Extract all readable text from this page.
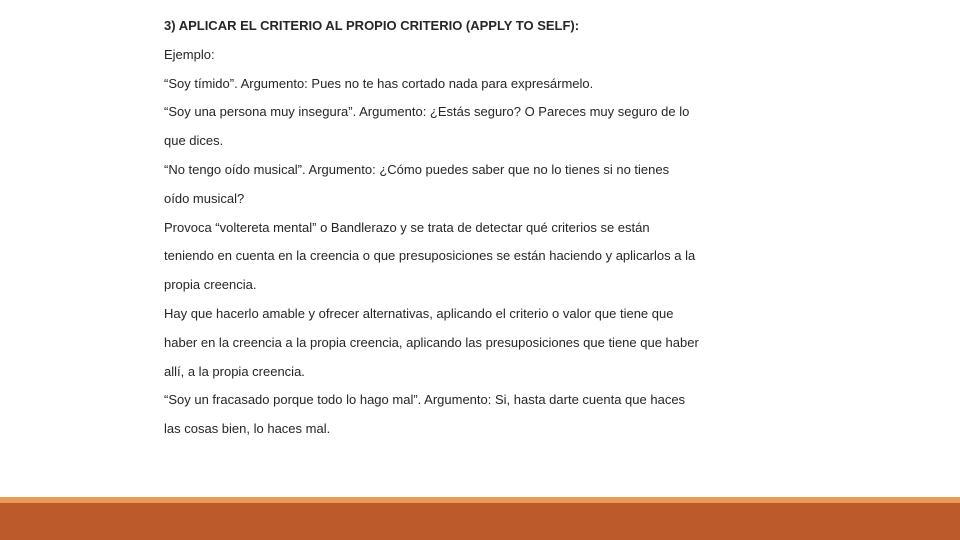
3) APLICAR EL CRITERIO AL PROPIO CRITERIO (APPLY TO SELF):
Ejemplo:
“Soy tímido”. Argumento: Pues no te has cortado nada para expresármelo.
“Soy una persona muy insegura”. Argumento: ¿Estás seguro? O Pareces muy seguro de lo
que dices.
“No tengo oído musical”. Argumento: ¿Cómo puedes saber que no lo tienes si no tienes
oído musical?
Provoca “voltereta mental” o Bandlerazo y se trata de detectar qué criterios se están
teniendo en cuenta en la creencia o que presuposiciones se están haciendo y aplicarlos a la
propia creencia.
Hay que hacerlo amable y ofrecer alternativas, aplicando el criterio o valor que tiene que
haber en la creencia a la propia creencia, aplicando las presuposiciones que tiene que haber
allí, a la propia creencia.
“Soy un fracasado porque todo lo hago mal”. Argumento: Si, hasta darte cuenta que haces
las cosas bien, lo haces mal.
